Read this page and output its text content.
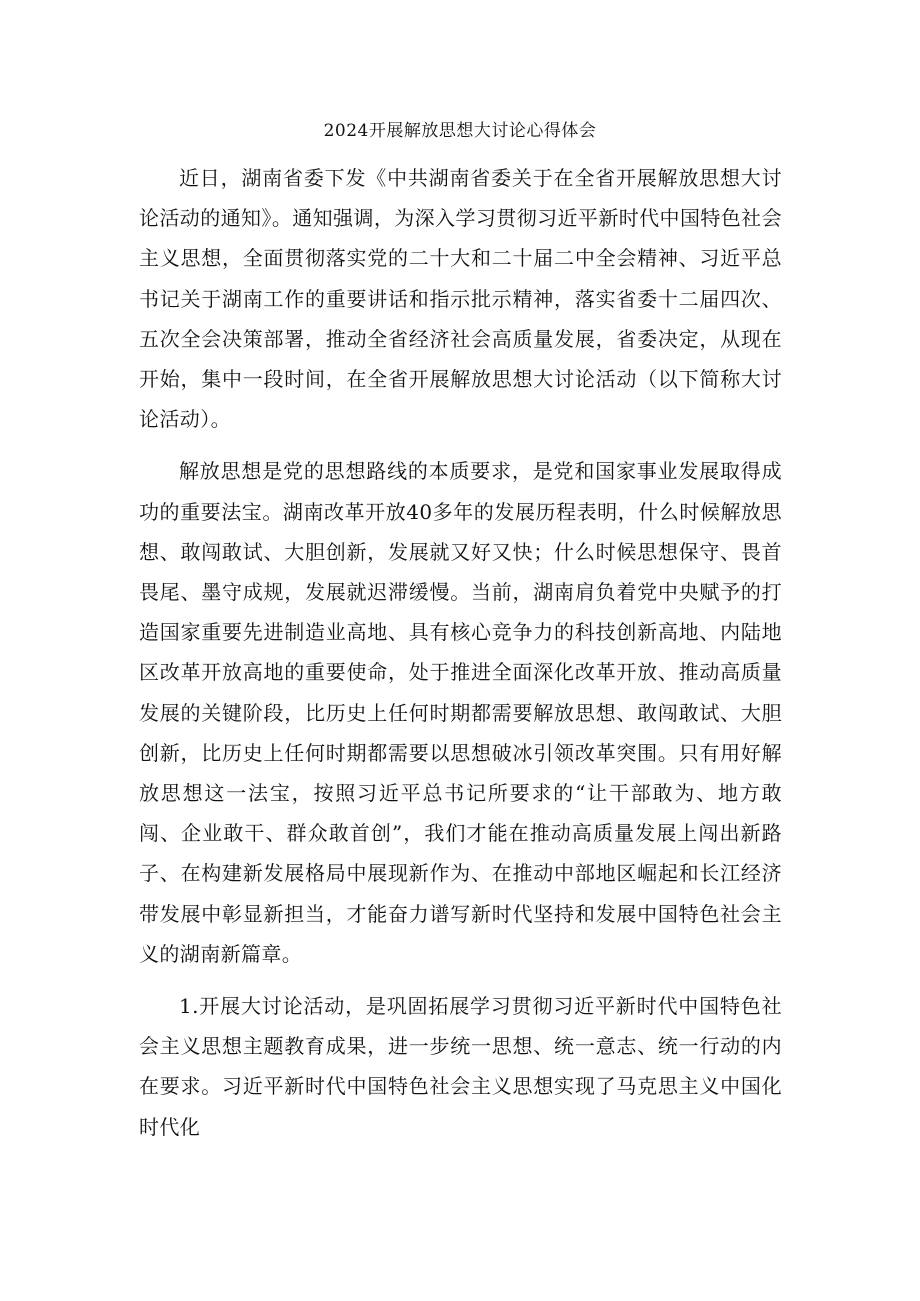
2024开展解放思想大讨论心得体会

近日，湖南省委下发《中共湖南省委关于在全省开展解放思想大讨论活动的通知》。通知强调，为深入学习贯彻习近平新时代中国特色社会主义思想，全面贯彻落实党的二十大和二十届二中全会精神、习近平总书记关于湖南工作的重要讲话和指示批示精神，落实省委十二届四次、五次全会决策部署，推动全省经济社会高质量发展，省委决定，从现在开始，集中一段时间，在全省开展解放思想大讨论活动（以下简称大讨论活动）。

解放思想是党的思想路线的本质要求，是党和国家事业发展取得成功的重要法宝。湖南改革开放40多年的发展历程表明，什么时候解放思想、敢闯敢试、大胆创新，发展就又好又快；什么时候思想保守、畏首畏尾、墨守成规，发展就迟滞缓慢。当前，湖南肩负着党中央赋予的打造国家重要先进制造业高地、具有核心竞争力的科技创新高地、内陆地区改革开放高地的重要使命，处于推进全面深化改革开放、推动高质量发展的关键阶段，比历史上任何时期都需要解放思想、敢闯敢试、大胆创新，比历史上任何时期都需要以思想破冰引领改革突围。只有用好解放思想这一法宝，按照习近平总书记所要求的“让干部敢为、地方敢闯、企业敢干、群众敢首创”，我们才能在推动高质量发展上闯出新路子、在构建新发展格局中展现新作为、在推动中部地区崛起和长江经济带发展中彰显新担当，才能奋力谱写新时代坚持和发展中国特色社会主义的湖南新篇章。

1.开展大讨论活动，是巩固拓展学习贯彻习近平新时代中国特色社会主义思想主题教育成果，进一步统一思想、统一意志、统一行动的内在要求。习近平新时代中国特色社会主义思想实现了马克思主义中国化时代化
